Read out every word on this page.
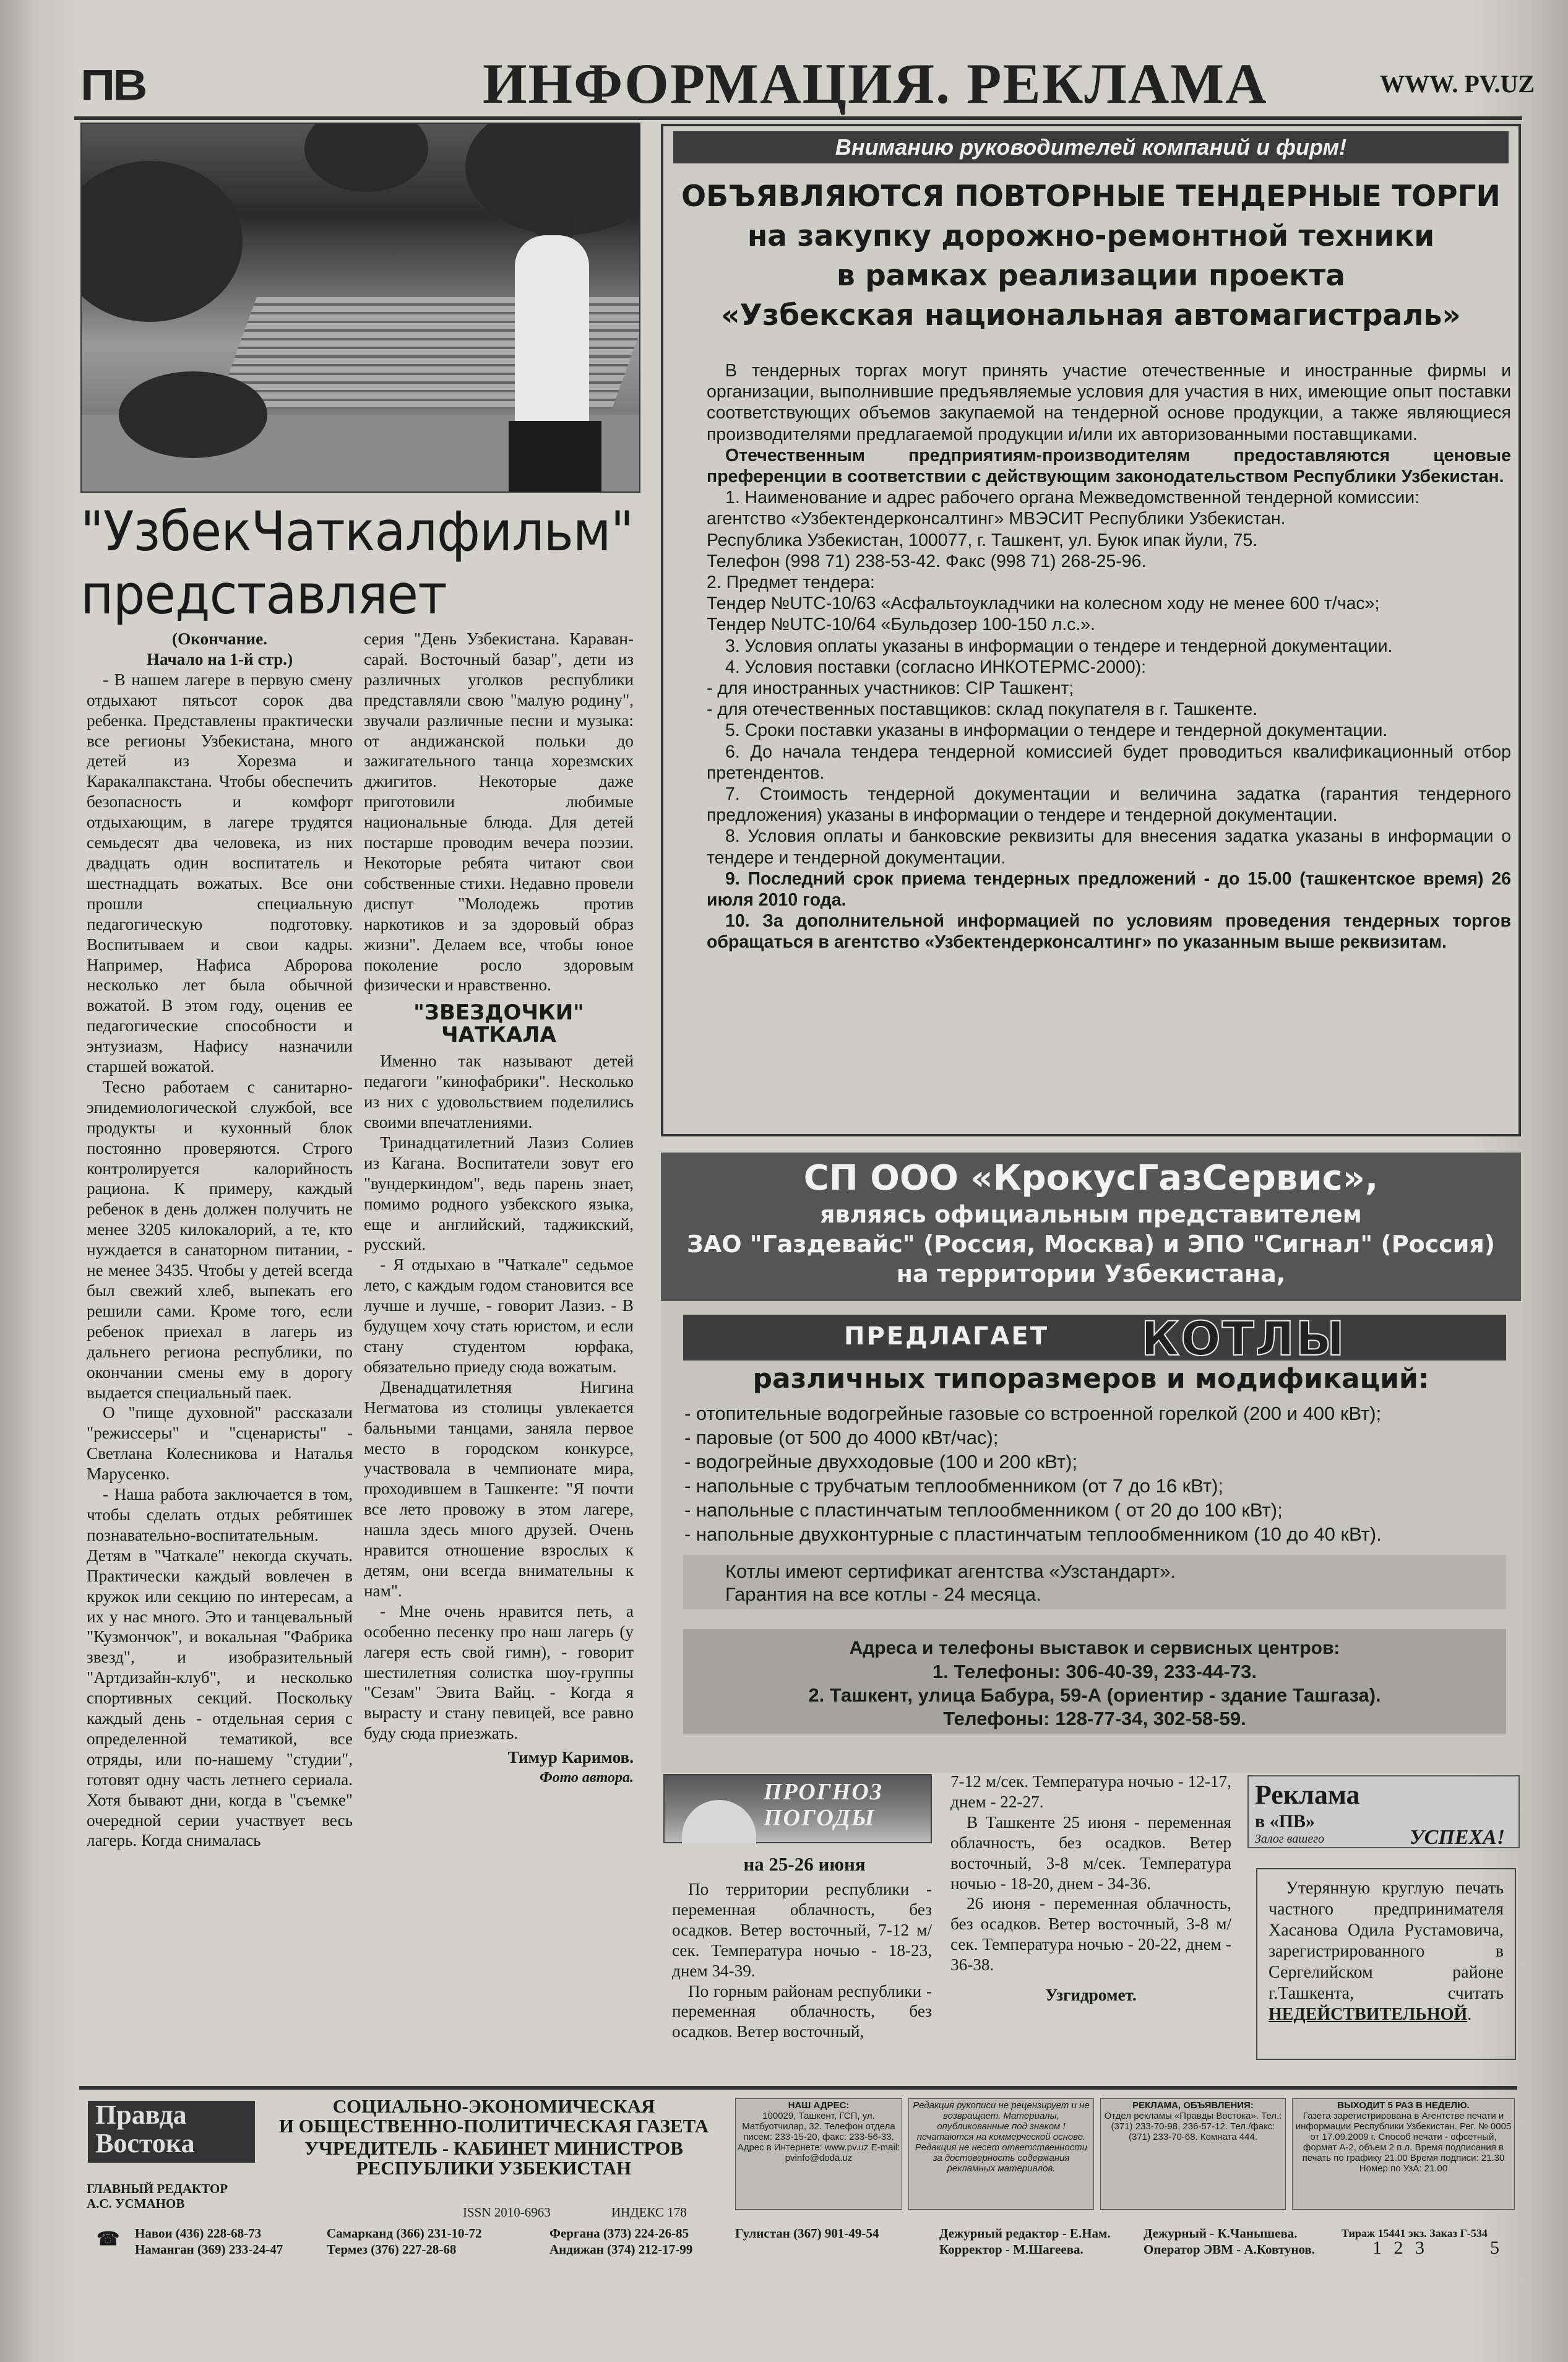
ПВ	ИНФОРМАЦИЯ. РЕКЛАМА	WWW. PV.UZ
"УзбекЧаткалфильм" представляет

(Окончание.

Начало на 1-й стр.)

- В нашем лагере в первую смену отдыхают пятьсот сорок два ребенка. Представлены практически все регионы Узбекистана, много детей из Хорезма и Каракалпакстана. Чтобы обеспечить безопасность и комфорт отдыхающим, в лагере трудятся семьдесят два человека, из них двадцать один воспитатель и шестнадцать вожатых. Все они прошли специальную педагогическую подготовку. Воспитываем и свои кадры. Например, Нафиса Абророва несколько лет была обычной вожатой. В этом году, оценив ее педагогические способности и энтузиазм, Нафису назначили старшей вожатой.

Тесно работаем с санитарно-эпидемиологической службой, все продукты и кухонный блок постоянно проверяются. Строго контролируется калорийность рациона. К примеру, каждый ребенок в день должен получить не менее 3205 килокалорий, а те, кто нуждается в санаторном питании, - не менее 3435. Чтобы у детей всегда был свежий хлеб, выпекать его решили сами. Кроме того, если ребенок приехал в лагерь из дальнего региона республики, по окончании смены ему в дорогу выдается специальный паек.

О "пище духовной" рассказали "режиссеры" и "сценаристы" - Светлана Колесникова и Наталья Марусенко.

- Наша работа заключается в том, чтобы сделать отдых ребятишек познавательно-воспитательным. Детям в "Чаткале" некогда скучать. Практически каждый вовлечен в кружок или секцию по интересам, а их у нас много. Это и танцевальный "Кузмончок", и вокальная "Фабрика звезд", и изобразительный "Артдизайн-клуб", и несколько спортивных секций. Поскольку каждый день - отдельная серия с определенной тематикой, все отряды, или по-нашему "студии", готовят одну часть летнего сериала. Хотя бывают дни, когда в "съемке" очередной серии участвует весь лагерь. Когда снималась

серия "День Узбекистана. Караван-сарай. Восточный базар", дети из различных уголков республики представляли свою "малую родину", звучали различные песни и музыка: от андижанской польки до зажигательного танца хорезмских джигитов. Некоторые даже приготовили любимые национальные блюда. Для детей постарше проводим вечера поэзии. Некоторые ребята читают свои собственные стихи. Недавно провели диспут "Молодежь против наркотиков и за здоровый образ жизни". Делаем все, чтобы юное поколение росло здоровым физически и нравственно.

"ЗВЕЗДОЧКИ"
ЧАТКАЛА

Именно так называют детей педагоги "кинофабрики". Несколько из них с удовольствием поделились своими впечатлениями.

Тринадцатилетний Лазиз Солиев из Кагана. Воспитатели зовут его "вундеркиндом", ведь парень знает, помимо родного узбекского языка, еще и английский, таджикский, русский.

- Я отдыхаю в "Чаткале" седьмое лето, с каждым годом становится все лучше и лучше, - говорит Лазиз. - В будущем хочу стать юристом, и если стану студентом юрфака, обязательно приеду сюда вожатым.

Двенадцатилетняя Нигина Негматова из столицы увлекается бальными танцами, заняла первое место в городском конкурсе, участвовала в чемпионате мира, проходившем в Ташкенте: "Я почти все лето провожу в этом лагере, нашла здесь много друзей. Очень нравится отношение взрослых к детям, они всегда внимательны к нам".

- Мне очень нравится петь, а особенно песенку про наш лагерь (у лагеря есть свой гимн), - говорит шестилетняя солистка шоу-группы "Сезам" Эвита Вайц. - Когда я вырасту и стану певицей, все равно буду сюда приезжать.

Тимур Каримов.

Фото автора.

Вниманию руководителей компаний и фирм!
ОБЪЯВЛЯЮТСЯ ПОВТОРНЫЕ ТЕНДЕРНЫЕ ТОРГИ
на закупку дорожно-ремонтной техники
в рамках реализации проекта
«Узбекская национальная автомагистраль»

В тендерных торгах могут принять участие отечественные и иностранные фирмы и организации, выполнившие предъявляемые условия для участия в них, имеющие опыт поставки соответствующих объемов закупаемой на тендерной основе продукции, а также являющиеся производителями предлагаемой продукции и/или их авторизованными поставщиками.

Отечественным предприятиям-производителям предоставляются ценовые преференции в соответствии с действующим законодательством Республики Узбекистан.

1. Наименование и адрес рабочего органа Межведомственной тендерной комиссии:

агентство «Узбектендерконсалтинг» МВЭСИТ Республики Узбекистан.
Республика Узбекистан, 100077, г. Ташкент, ул. Буюк ипак йули, 75.
Телефон (998 71) 238-53-42. Факс (998 71) 268-25-96.
2. Предмет тендера:
Тендер №UTC-10/63 «Асфальтоукладчики на колесном ходу не менее 600 т/час»;
Тендер №UTC-10/64 «Бульдозер 100-150 л.с.».

3. Условия оплаты указаны в информации о тендере и тендерной документации.

4. Условия поставки (согласно ИНКОТЕРМС-2000):

- для иностранных участников: CIP Ташкент;
- для отечественных поставщиков: склад покупателя в г. Ташкенте.

5. Сроки поставки указаны в информации о тендере и тендерной документации.

6. До начала тендера тендерной комиссией будет проводиться квалификационный отбор претендентов.

7. Стоимость тендерной документации и величина задатка (гарантия тендерного предложения) указаны в информации о тендере и тендерной документации.

8. Условия оплаты и банковские реквизиты для внесения задатка указаны в информации о тендере и тендерной документации.

9. Последний срок приема тендерных предложений - до 15.00 (ташкентское время) 26 июля 2010 года.

10. За дополнительной информацией по условиям проведения тендерных торгов обращаться в агентство «Узбектендерконсалтинг» по указанным выше реквизитам.

СП ООО «КрокусГазСервис»,
являясь официальным представителем
ЗАО "Газдевайс" (Россия, Москва) и ЭПО "Сигнал" (Россия)
на территории Узбекистана,
ПРЕДЛАГАЕТ КОТЛЫ
различных типоразмеров и модификаций:
- отопительные водогрейные газовые со встроенной горелкой (200 и 400 кВт);
- паровые (от 500 до 4000 кВт/час);
- водогрейные двухходовые (100 и 200 кВт);
- напольные с трубчатым теплообменником (от 7 до 16 кВт);
- напольные с пластинчатым теплообменником ( от 20 до 100 кВт);
- напольные двухконтурные с пластинчатым теплообменником (10 до 40 кВт).
Котлы имеют сертификат агентства «Узстандарт».
Гарантия на все котлы - 24 месяца.
Адреса и телефоны выставок и сервисных центров:
1. Телефоны: 306-40-39, 233-44-73.
2. Ташкент, улица Бабура, 59-А (ориентир - здание Ташгаза).
Телефоны: 128-77-34, 302-58-59.
ПРОГНОЗ
ПОГОДЫ
на 25-26 июня

По территории республики - переменная облачность, без осадков. Ветер восточный, 7-12 м/сек. Температура ночью - 18-23, днем 34-39.

По горным районам республики - переменная облачность, без осадков. Ветер восточный,

7-12 м/сек. Температура ночью - 12-17, днем - 22-27.

В Ташкенте 25 июня - переменная облачность, без осадков. Ветер восточный, 3-8 м/сек. Температура ночью - 18-20, днем - 34-36.

26 июня - переменная облачность, без осадков. Ветер восточный, 3-8 м/сек. Температура ночью - 20-22, днем - 36-38.

Узгидромет.

Реклама
в «ПВ»
Залог вашего	УСПЕХА!
Утерянную круглую печать частного предпринимателя Хасанова Одила Рустамовича, зарегистрированного в Сергелийском районе г.Ташкента, считать НЕДЕЙСТВИТЕЛЬНОЙ.
Правда Востока
СОЦИАЛЬНО-ЭКОНОМИЧЕСКАЯ
И ОБЩЕСТВЕННО-ПОЛИТИЧЕСКАЯ ГАЗЕТА
УЧРЕДИТЕЛЬ - КАБИНЕТ МИНИСТРОВ
РЕСПУБЛИКИ УЗБЕКИСТАН
ГЛАВНЫЙ РЕДАКТОР
А.С. УСМАНОВ
ISSN 2010-6963	ИНДЕКС 178
НАШ АДРЕС:
100029, Ташкент, ГСП, ул. Матбуотчилар, 32. Телефон отдела писем: 233-15-20, факс: 233-56-33.
Адрес в Интернете: www.pv.uz E-mail: pvinfo@doda.uz
Редакция рукописи не рецензирует и не возвращает. Материалы, опубликованные под знаком ! печатаются на коммерческой основе. Редакция не несет ответственности за достоверность содержания рекламных материалов.
РЕКЛАМА, ОБЪЯВЛЕНИЯ:
Отдел рекламы «Правды Востока». Тел.: (371) 233-70-98, 236-57-12. Тел./факс: (371) 233-70-68. Комната 444.
ВЫХОДИТ 5 РАЗ В НЕДЕЛЮ.
Газета зарегистрирована в Агентстве печати и информации Республики Узбекистан. Рег. № 0005 от 17.09.2009 г. Способ печати - офсетный, формат А-2, объем 2 п.л. Время подписания в печать по графику 21.00 Время подписи: 21.30 Номер по УзА: 21.00
Навои (436) 228-68-73
Наманган (369) 233-24-47
Самарканд (366) 231-10-72
Термез (376) 227-28-68
Фергана (373) 224-26-85
Андижан (374) 212-17-99
Гулистан (367) 901-49-54
☎	Дежурный редактор - Е.Нам.
Корректор - М.Шагеева.
Дежурный - К.Чанышева.
Оператор ЭВМ - А.Ковтунов.
Тираж 15441 экз. Заказ Г-534
1 2 3	5
